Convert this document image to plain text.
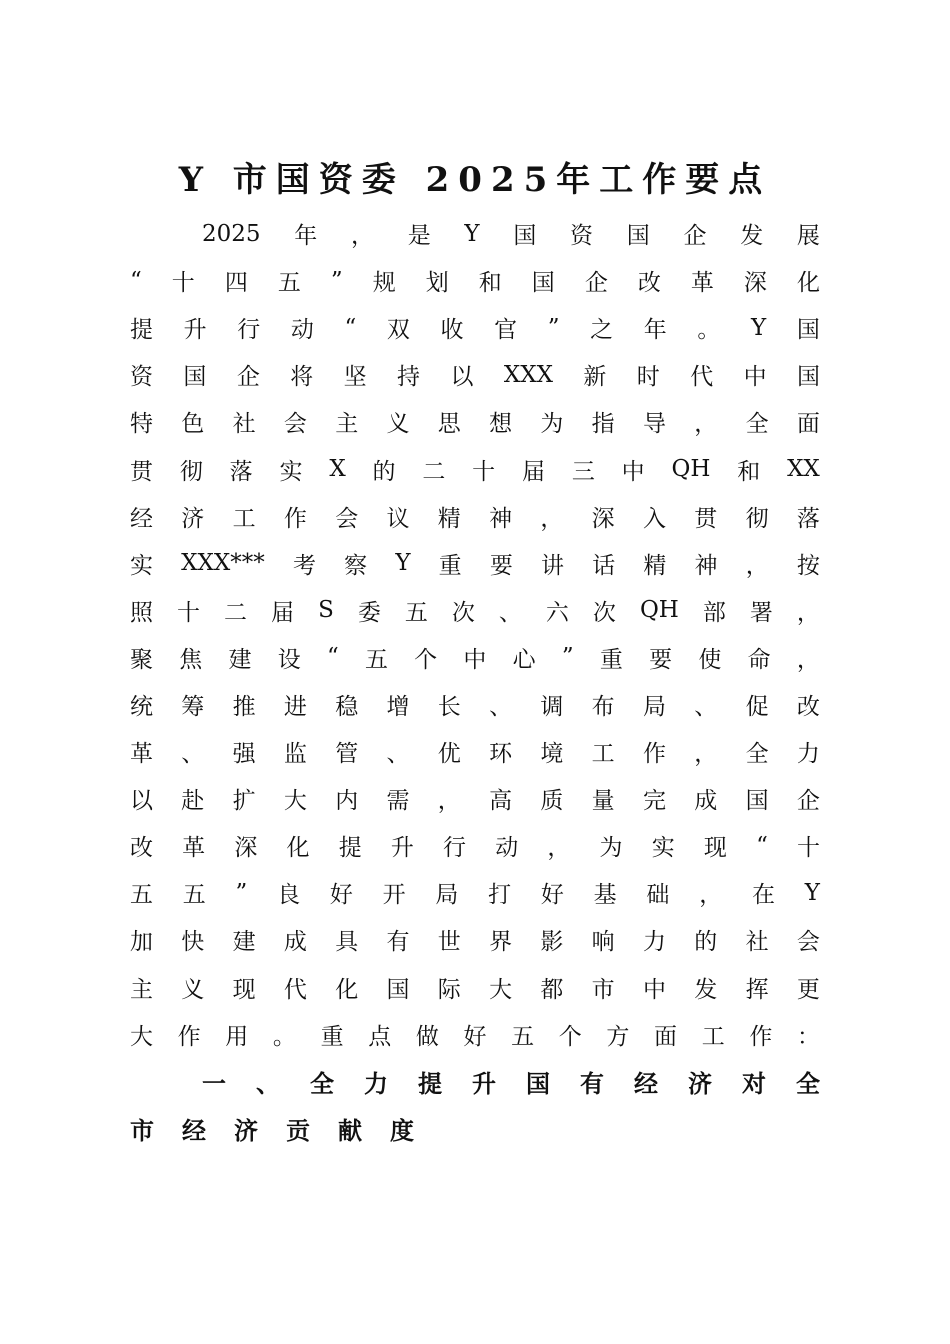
Y 市国资委 2025年工作要点
2025 年 ， 是 Y 国 资 国 企 发 展
“ 十 四 五 ” 规 划 和 国 企 改 革 深 化
提 升 行 动 “ 双 收 官 ” 之 年 。 Y 国
资 国 企 将 坚 持 以 XXX 新 时 代 中 国
特 色 社 会 主 义 思 想 为 指 导 ， 全 面
贯 彻 落 实 X 的 二 十 届 三 中 QH 和 XX
经 济 工 作 会 议 精 神 ， 深 入 贯 彻 落
实 XXX*** 考 察 Y 重 要 讲 话 精 神 ， 按
照 十 二 届 S 委 五 次 、 六 次 QH 部 署 ，
聚 焦 建 设 “ 五 个 中 心 ” 重 要 使 命 ，
统 筹 推 进 稳 增 长 、 调 布 局 、 促 改
革 、 强 监 管 、 优 环 境 工 作 ， 全 力
以 赴 扩 大 内 需 ， 高 质 量 完 成 国 企
改 革 深 化 提 升 行 动 ， 为 实 现 “ 十
五 五 ” 良 好 开 局 打 好 基 础 ， 在 Y
加 快 建 成 具 有 世 界 影 响 力 的 社 会
主 义 现 代 化 国 际 大 都 市 中 发 挥 更
大 作 用 。 重 点 做 好 五 个 方 面 工 作 ：
一 、 全 力 提 升 国 有 经 济 对 全
市 经 济 贡 献 度
